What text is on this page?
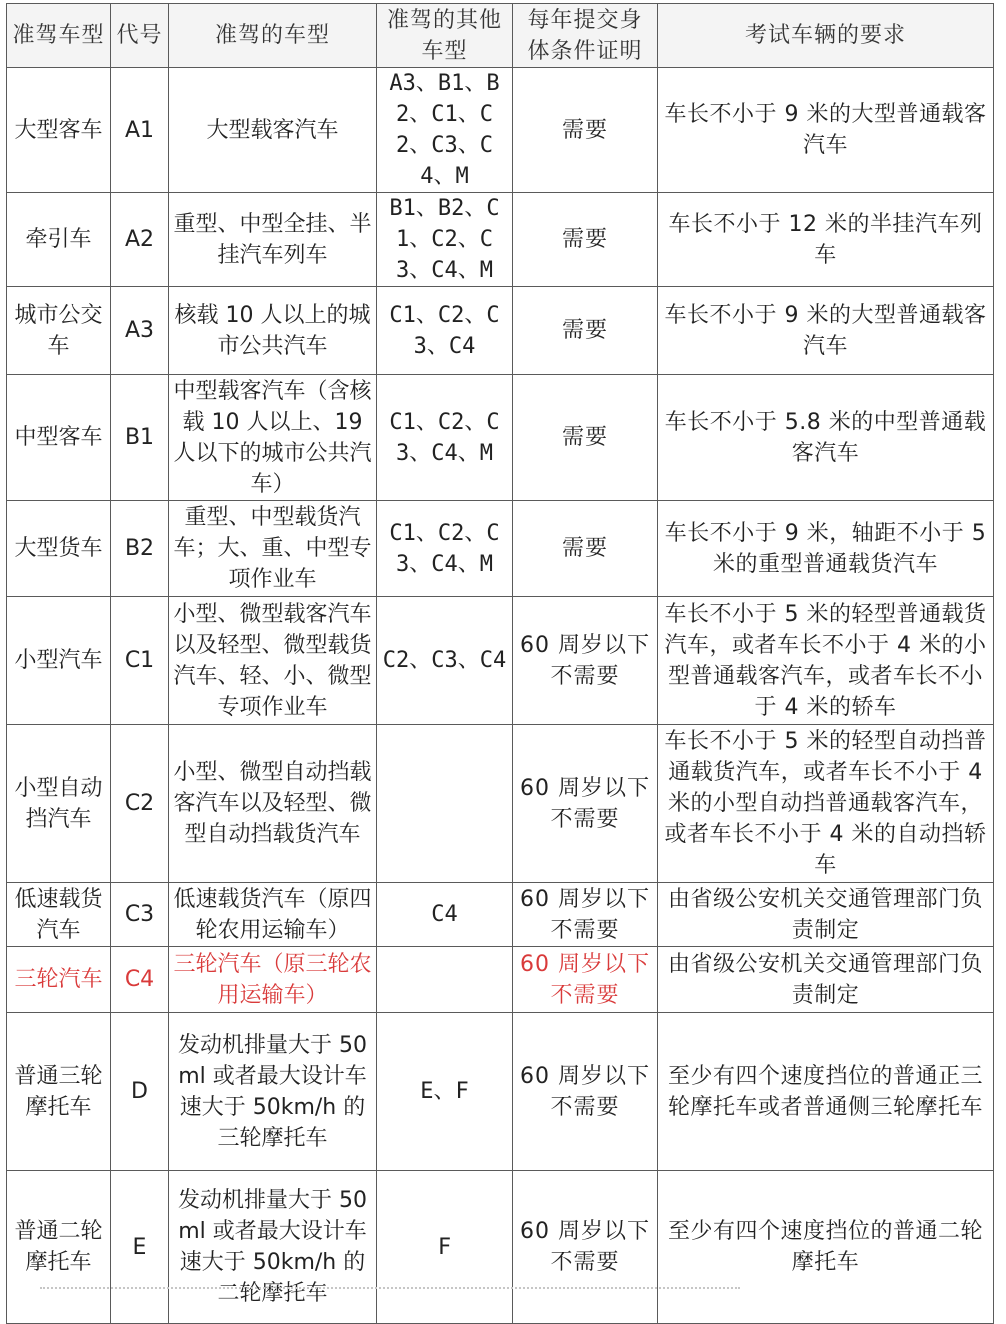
准驾车型	代号	准驾的车型	准驾的其他车型	每年提交身体条件证明	考试车辆的要求
大型客车	A1	大型载客汽车	A3、B1、B2、C1、C2、C3、C4、M	需要	车长不小于 9 米的大型普通载客汽车
牵引车	A2	重型、中型全挂、半挂汽车列车	B1、B2、C1、C2、C3、C4、M	需要	车长不小于 12 米的半挂汽车列车
城市公交车	A3	核载 10 人以上的城市公共汽车	C1、C2、C3、C4	需要	车长不小于 9 米的大型普通载客汽车
中型客车	B1	中型载客汽车（含核载 10 人以上、19 人以下的城市公共汽车）	C1、C2、C3、C4、M	需要	车长不小于 5.8 米的中型普通载客汽车
大型货车	B2	重型、中型载货汽车；大、重、中型专项作业车	C1、C2、C3、C4、M	需要	车长不小于 9 米，轴距不小于 5 米的重型普通载货汽车
小型汽车	C1	小型、微型载客汽车以及轻型、微型载货汽车、轻、小、微型专项作业车	C2、C3、C4	60 周岁以下不需要	车长不小于 5 米的轻型普通载货汽车，或者车长不小于 4 米的小型普通载客汽车，或者车长不小于 4 米的轿车
小型自动挡汽车	C2	小型、微型自动挡载客汽车以及轻型、微型自动挡载货汽车		60 周岁以下不需要	车长不小于 5 米的轻型自动挡普通载货汽车，或者车长不小于 4 米的小型自动挡普通载客汽车，或者车长不小于 4 米的自动挡轿车
低速载货汽车	C3	低速载货汽车（原四轮农用运输车）	C4	60 周岁以下不需要	由省级公安机关交通管理部门负责制定
三轮汽车	C4	三轮汽车（原三轮农用运输车）		60 周岁以下不需要	由省级公安机关交通管理部门负责制定
普通三轮摩托车	D	发动机排量大于 50ml 或者最大设计车速大于 50km/h 的三轮摩托车	E、F	60 周岁以下不需要	至少有四个速度挡位的普通正三轮摩托车或者普通侧三轮摩托车
普通二轮摩托车	E	发动机排量大于 50ml 或者最大设计车速大于 50km/h 的二轮摩托车	F	60 周岁以下不需要	至少有四个速度挡位的普通二轮摩托车
